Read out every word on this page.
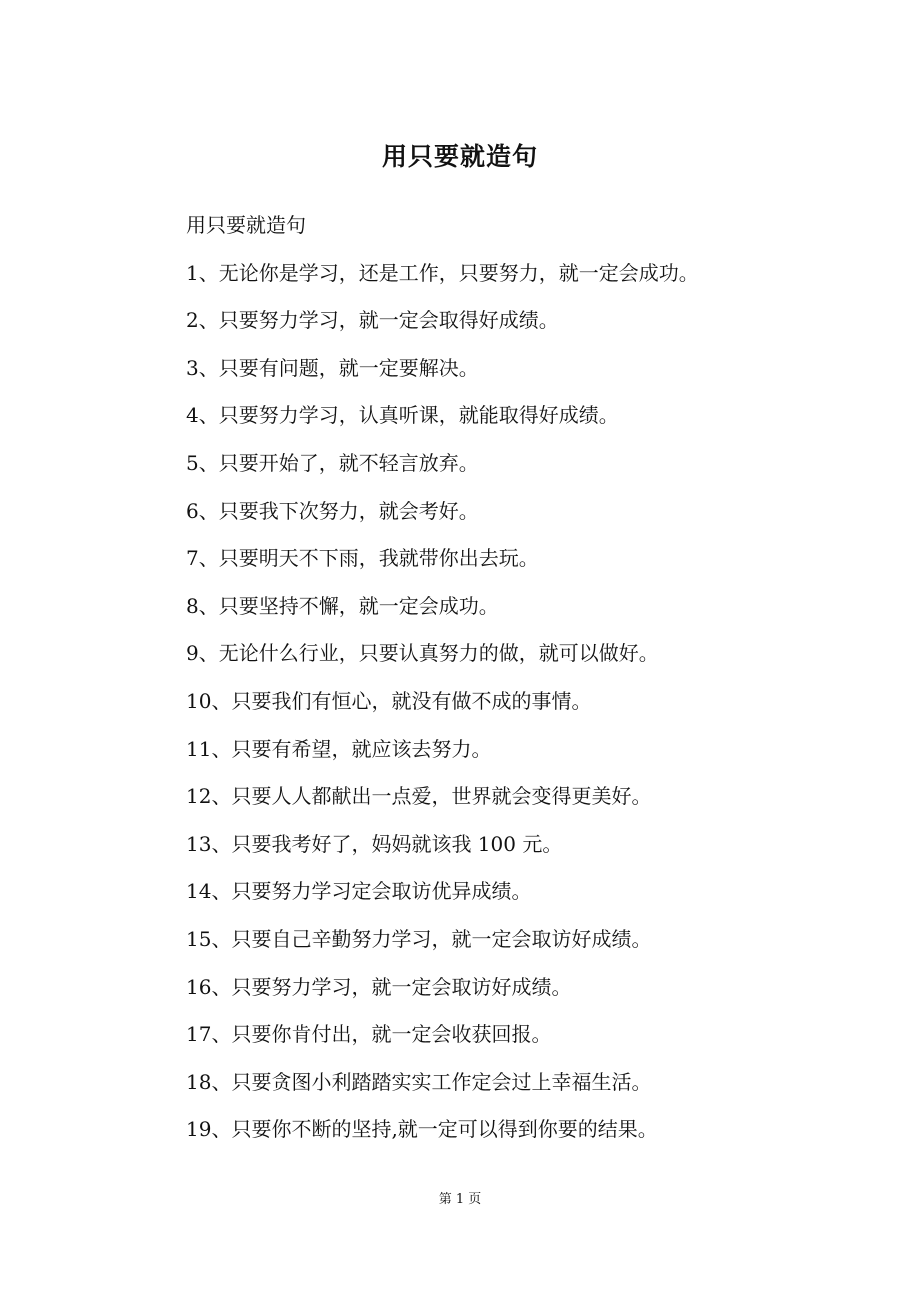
用只要就造句
用只要就造句
1、无论你是学习，还是工作，只要努力，就一定会成功。
2、只要努力学习，就一定会取得好成绩。
3、只要有问题，就一定要解决。
4、只要努力学习，认真听课，就能取得好成绩。
5、只要开始了，就不轻言放弃。
6、只要我下次努力，就会考好。
7、只要明天不下雨，我就带你出去玩。
8、只要坚持不懈，就一定会成功。
9、无论什么行业，只要认真努力的做，就可以做好。
10、只要我们有恒心，就没有做不成的事情。
11、只要有希望，就应该去努力。
12、只要人人都献出一点爱，世界就会变得更美好。
13、只要我考好了，妈妈就该我 100 元。
14、只要努力学习定会取访优异成绩。
15、只要自己辛勤努力学习，就一定会取访好成绩。
16、只要努力学习，就一定会取访好成绩。
17、只要你肯付出，就一定会收获回报。
18、只要贪图小利踏踏实实工作定会过上幸福生活。
19、只要你不断的坚持,就一定可以得到你要的结果。
第 1 页
